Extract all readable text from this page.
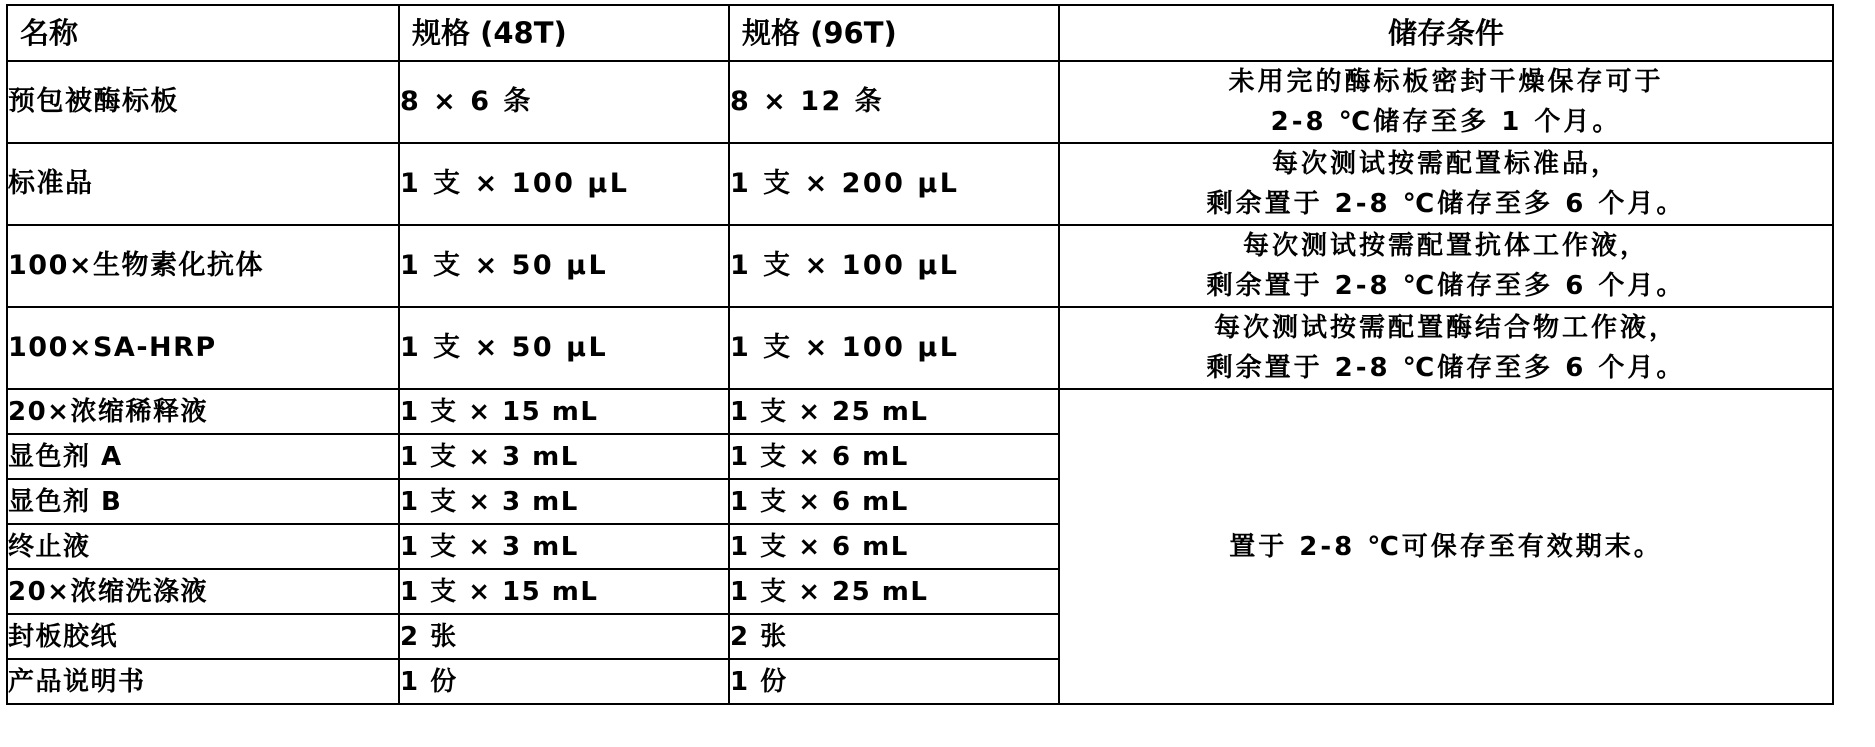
名称	规格 (48T)	规格 (96T)	储存条件
预包被酶标板	8 × 6 条	8 × 12 条	未用完的酶标板密封干燥保存可于
2-8 ℃储存至多 1 个月。

标准品	1 支 × 100 μL	1 支 × 200 μL	每次测试按需配置标准品，
剩余置于 2-8 ℃储存至多 6 个月。

100×生物素化抗体	1 支 × 50 μL	1 支 × 100 μL	每次测试按需配置抗体工作液，
剩余置于 2-8 ℃储存至多 6 个月。

100×SA-HRP	1 支 × 50 μL	1 支 × 100 μL	每次测试按需配置酶结合物工作液，
剩余置于 2-8 ℃储存至多 6 个月。

20×浓缩稀释液	1 支 × 15 mL	1 支 × 25 mL	置于 2-8 ℃可保存至有效期末。
显色剂 A	1 支 × 3 mL	1 支 × 6 mL	
显色剂 B	1 支 × 3 mL	1 支 × 6 mL	
终止液	1 支 × 3 mL	1 支 × 6 mL	
20×浓缩洗涤液	1 支 × 15 mL	1 支 × 25 mL	
封板胶纸	2 张	2 张	
产品说明书	1 份	1 份	
